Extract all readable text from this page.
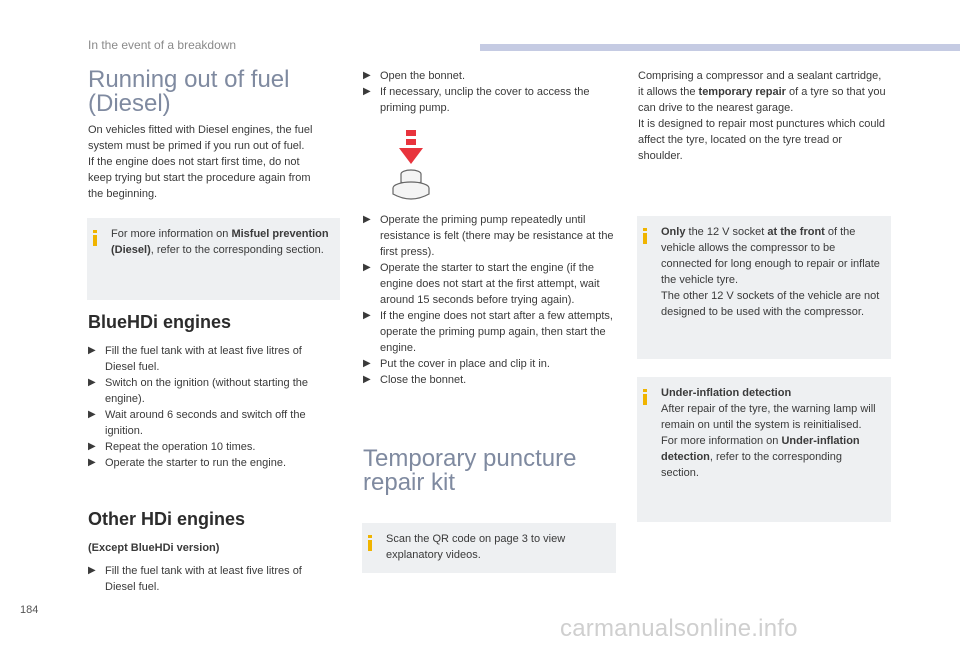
In the event of a breakdown
Running out of fuel
(Diesel)

On vehicles fitted with Diesel engines, the fuel

system must be primed if you run out of fuel.

If the engine does not start first time, do not

keep trying but start the procedure again from

the beginning.

For more information on Misfuel prevention (Diesel), refer to the corresponding section.
BlueHDi engines
▶ Fill the fuel tank with at least five litres of Diesel fuel.
▶ Switch on the ignition (without starting the engine).
▶ Wait around 6 seconds and switch off the ignition.
▶ Repeat the operation 10 times.
▶ Operate the starter to run the engine.
Other HDi engines
(Except BlueHDi version)
▶ Fill the fuel tank with at least five litres of Diesel fuel.
▶ Open the bonnet.
▶ If necessary, unclip the cover to access the priming pump.
▶ Operate the priming pump repeatedly until resistance is felt (there may be resistance at the first press).
▶ Operate the starter to start the engine (if the engine does not start at the first attempt, wait around 15 seconds before trying again).
▶ If the engine does not start after a few attempts, operate the priming pump again, then start the engine.
▶ Put the cover in place and clip it in.
▶ Close the bonnet.
Temporary puncture
repair kit
Scan the QR code on page 3 to view explanatory videos.
Comprising a compressor and a sealant cartridge, it allows the temporary repair of a tyre so that you can drive to the nearest garage.
It is designed to repair most punctures which could affect the tyre, located on the tyre tread or shoulder.
Only the 12 V socket at the front of the vehicle allows the compressor to be connected for long enough to repair or inflate the vehicle tyre.
The other 12 V sockets of the vehicle are not designed to be used with the compressor.
Under-inflation detection
After repair of the tyre, the warning lamp will remain on until the system is reinitialised.
For more information on Under-inflation detection, refer to the corresponding section.
184
carmanualsonline.info
